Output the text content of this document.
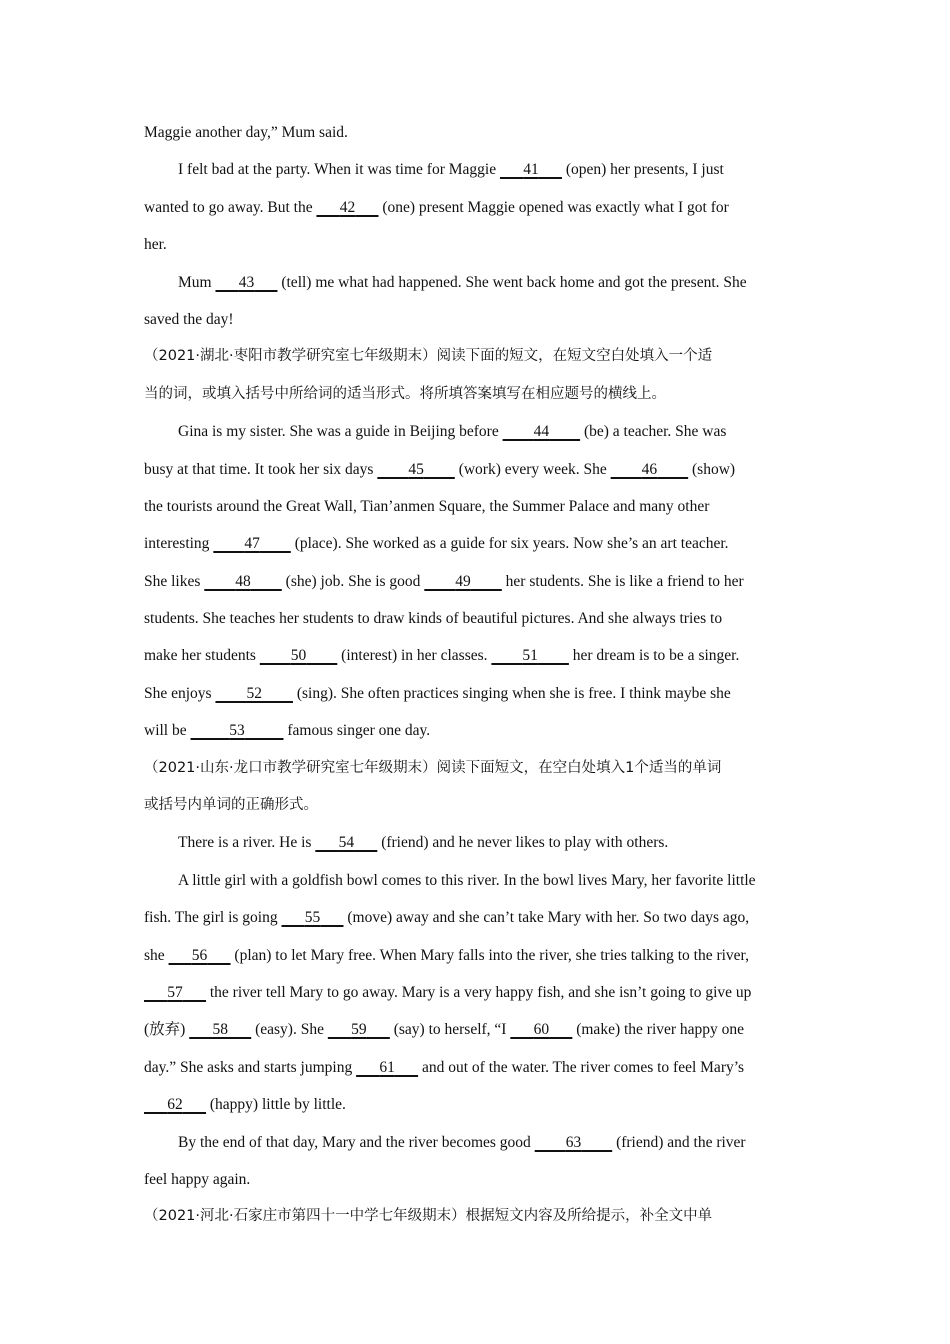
Maggie another day,” Mum said.
I felt bad at the party. When it was time for Maggie       41       (open) her presents, I just
wanted to go away. But the       42       (one) present Maggie opened was exactly what I got for
her.
Mum       43       (tell) me what had happened. She went back home and got the present. She
saved the day!
（2021·湖北·枣阳市教学研究室七年级期末）阅读下面的短文，在短文空白处填入一个适
当的词，或填入括号中所给词的适当形式。将所填答案填写在相应题号的横线上。
Gina is my sister. She was a guide in Beijing before         44         (be) a teacher. She was
busy at that time. It took her six days         45         (work) every week. She         46         (show)
the tourists around the Great Wall, Tian’anmen Square, the Summer Palace and many other
interesting         47         (place). She worked as a guide for six years. Now she’s an art teacher.
She likes         48         (she) job. She is good         49         her students. She is like a friend to her
students. She teaches her students to draw kinds of beautiful pictures. And she always tries to
make her students         50         (interest) in her classes.         51         her dream is to be a singer.
She enjoys         52         (sing). She often practices singing when she is free. I think maybe she
will be	53	famous singer one day.
（2021·山东·龙口市教学研究室七年级期末）阅读下面短文，在空白处填入1个适当的单词
或括号内单词的正确形式。
There is a river. He is       54       (friend) and he never likes to play with others.
A little girl with a goldfish bowl comes to this river. In the bowl lives Mary, her favorite little
fish. The girl is going       55       (move) away and she can’t take Mary with her. So two days ago,
she       56       (plan) to let Mary free. When Mary falls into the river, she tries talking to the river,
57       the river tell Mary to go away. Mary is a very happy fish, and she isn’t going to give up
(放弃)       58       (easy). She       59       (say) to herself, “I       60       (make) the river happy one
day.” She asks and starts jumping       61       and out of the water. The river comes to feel Mary’s
62       (happy) little by little.
By the end of that day, Mary and the river becomes good         63         (friend) and the river
feel happy again.
（2021·河北·石家庄市第四十一中学七年级期末）根据短文内容及所给提示，补全文中单
